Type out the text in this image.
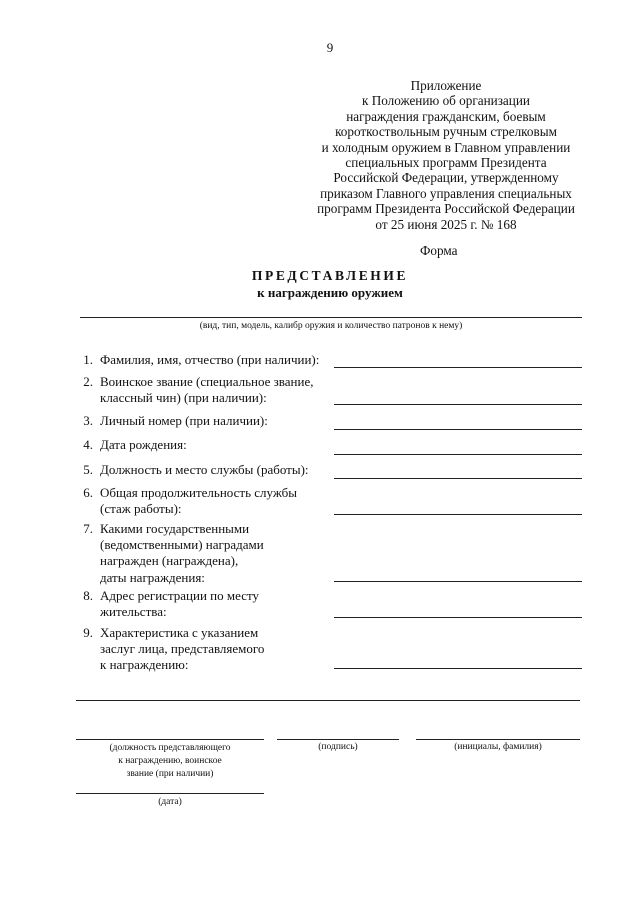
9
Приложение
к Положению об организации
награждения гражданским, боевым
короткоствольным ручным стрелковым
и холодным оружием в Главном управлении
специальных программ Президента
Российской Федерации, утвержденному
приказом Главного управления специальных
программ Президента Российской Федерации
от 25 июня 2025 г. № 168
Форма
ПРЕДСТАВЛЕНИЕ
к награждению оружием
(вид, тип, модель, калибр оружия и количество патронов к нему)
1. Фамилия, имя, отчество (при наличии):
2. Воинское звание (специальное звание,
классный чин) (при наличии):
3. Личный номер (при наличии):
4. Дата рождения:
5. Должность и место службы (работы):
6. Общая продолжительность службы
(стаж работы):
7. Какими государственными
(ведомственными) наградами
награжден (награждена),
даты награждения:
8. Адрес регистрации по месту
жительства:
9. Характеристика с указанием
заслуг лица, представляемого
к награждению:
(должность представляющего
к награждению, воинское
звание (при наличии)
(подпись)	(инициалы, фамилия)
(дата)
